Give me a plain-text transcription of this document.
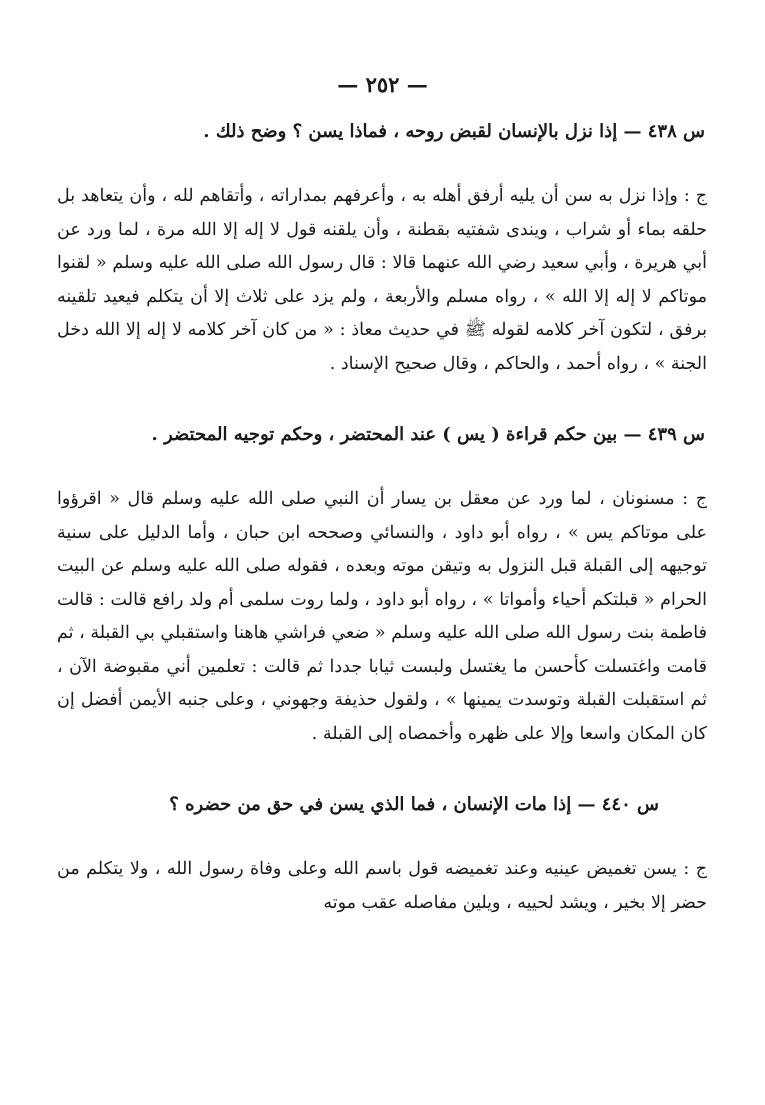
— ٢٥٢ —

س ٤٣٨ — إذا نزل بالإنسان لقبض روحه ، فماذا يسن ؟ وضح ذلك .

ج : وإذا نزل به سن أن يليه أرفق أهله به ، وأعرفهم بمداراته ، وأتقاهم لله ، وأن يتعاهد بل حلقه بماء أو شراب ، ويندى شفتيه بقطنة ، وأن يلقنه قول لا إله إلا الله مرة ، لما ورد عن أبي هريرة ، وأبي سعيد رضي الله عنهما قالا : قال رسول الله صلى الله عليه وسلم « لقنوا موتاكم لا إله إلا الله » ، رواه مسلم والأربعة ، ولم يزد على ثلاث إلا أن يتكلم فيعيد تلقينه برفق ، لتكون آخر كلامه لقوله ﷺ في حديث معاذ : « من كان آخر كلامه لا إله إلا الله دخل الجنة » ، رواه أحمد ، والحاكم ، وقال صحيح الإسناد .

س ٤٣٩ — بين حكم قراءة ( يس ) عند المحتضر ، وحكم توجيه المحتضر .

ج : مسنونان ، لما ورد عن معقل بن يسار أن النبي صلى الله عليه وسلم قال « اقرؤوا على موتاكم يس » ، رواه أبو داود ، والنسائي وصححه ابن حبان ، وأما الدليل على سنية توجيهه إلى القبلة قبل النزول به وتيقن موته وبعده ، فقوله صلى الله عليه وسلم عن البيت الحرام « قبلتكم أحياء وأمواتا » ، رواه أبو داود ، ولما روت سلمى أم ولد رافع قالت : قالت فاطمة بنت رسول الله صلى الله عليه وسلم « ضعي فراشي هاهنا واستقبلي بي القبلة ، ثم قامت واغتسلت كأحسن ما يغتسل ولبست ثيابا جددا ثم قالت : تعلمين أني مقبوضة الآن ، ثم استقبلت القبلة وتوسدت يمينها » ، ولقول حذيفة وجهوني ، وعلى جنبه الأيمن أفضل إن كان المكان واسعا وإلا على ظهره وأخمصاه إلى القبلة .

س ٤٤٠ — إذا مات الإنسان ، فما الذي يسن في حق من حضره ؟

ج : يسن تغميض عينيه وعند تغميضه قول باسم الله وعلى وفاة رسول الله ، ولا يتكلم من حضر إلا بخير ، ويشد لحييه ، ويلين مفاصله عقب موته
